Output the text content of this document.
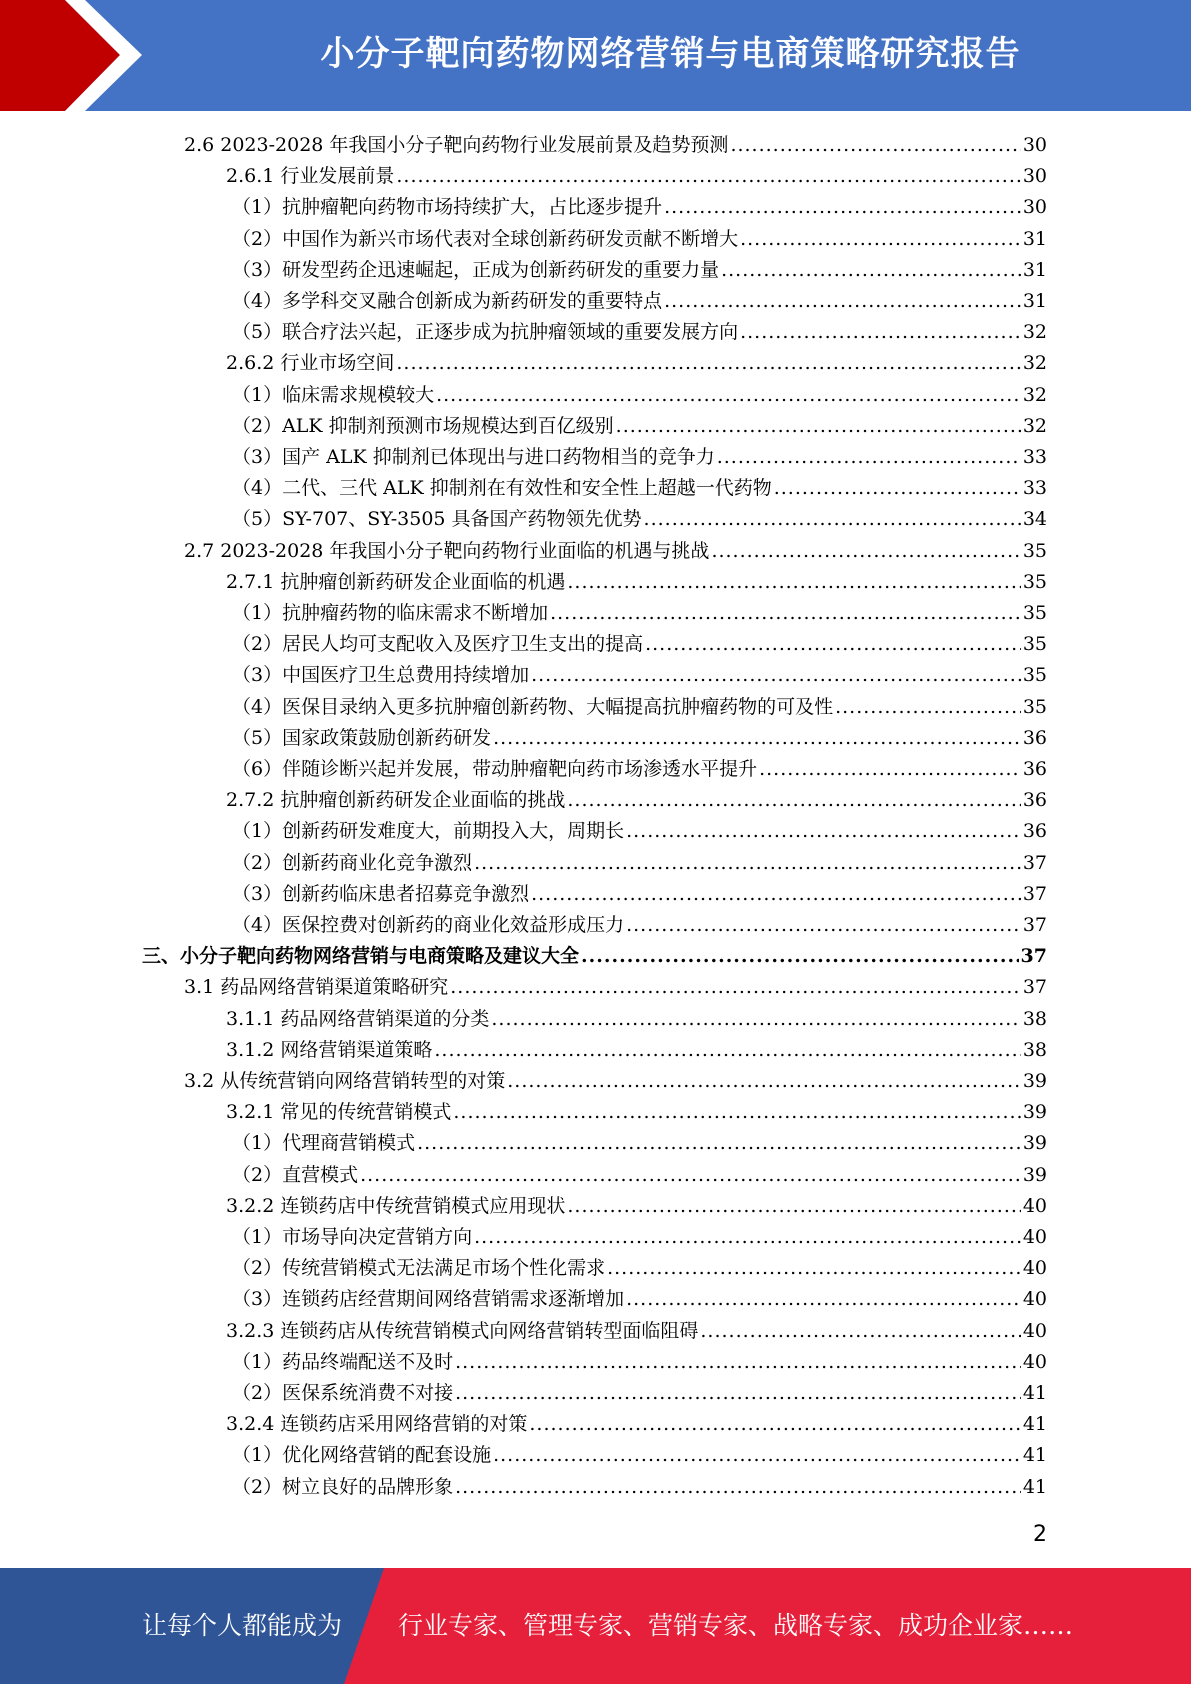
小分子靶向药物网络营销与电商策略研究报告
2.6 2023-2028 年我国小分子靶向药物行业发展前景及趋势预测 .....	30
2.6.1 行业发展前景 .....	30
（1）抗肿瘤靶向药物市场持续扩大，占比逐步提升 .....	30
（2）中国作为新兴市场代表对全球创新药研发贡献不断增大 .....	31
（3）研发型药企迅速崛起，正成为创新药研发的重要力量 .....	31
（4）多学科交叉融合创新成为新药研发的重要特点 .....	31
（5）联合疗法兴起，正逐步成为抗肿瘤领域的重要发展方向 .....	32
2.6.2 行业市场空间 .....	32
（1）临床需求规模较大 .....	32
（2）ALK 抑制剂预测市场规模达到百亿级别 .....	32
（3）国产 ALK 抑制剂已体现出与进口药物相当的竞争力 .....	33
（4）二代、三代 ALK 抑制剂在有效性和安全性上超越一代药物 .....	33
（5）SY-707、SY-3505 具备国产药物领先优势 .....	34
2.7 2023-2028 年我国小分子靶向药物行业面临的机遇与挑战 .....	35
2.7.1 抗肿瘤创新药研发企业面临的机遇 .....	35
（1）抗肿瘤药物的临床需求不断增加 .....	35
（2）居民人均可支配收入及医疗卫生支出的提高 .....	35
（3）中国医疗卫生总费用持续增加 .....	35
（4）医保目录纳入更多抗肿瘤创新药物、大幅提高抗肿瘤药物的可及性 .....	35
（5）国家政策鼓励创新药研发 .....	36
（6）伴随诊断兴起并发展，带动肿瘤靶向药市场渗透水平提升 .....	36
2.7.2 抗肿瘤创新药研发企业面临的挑战 .....	36
（1）创新药研发难度大，前期投入大，周期长 .....	36
（2）创新药商业化竞争激烈 .....	37
（3）创新药临床患者招募竞争激烈 .....	37
（4）医保控费对创新药的商业化效益形成压力 .....	37
三、小分子靶向药物网络营销与电商策略及建议大全 .....	37
3.1 药品网络营销渠道策略研究 .....	37
3.1.1 药品网络营销渠道的分类 .....	38
3.1.2 网络营销渠道策略 .....	38
3.2 从传统营销向网络营销转型的对策 .....	39
3.2.1 常见的传统营销模式 .....	39
（1）代理商营销模式 .....	39
（2）直营模式 .....	39
3.2.2 连锁药店中传统营销模式应用现状 .....	40
（1）市场导向决定营销方向 .....	40
（2）传统营销模式无法满足市场个性化需求 .....	40
（3）连锁药店经营期间网络营销需求逐渐增加 .....	40
3.2.3 连锁药店从传统营销模式向网络营销转型面临阻碍 .....	40
（1）药品终端配送不及时 .....	40
（2）医保系统消费不对接 .....	41
3.2.4 连锁药店采用网络营销的对策 .....	41
（1）优化网络营销的配套设施 .....	41
（2）树立良好的品牌形象 .....	41
2
让每个人都能成为 行业专家、管理专家、营销专家、战略专家、成功企业家……
